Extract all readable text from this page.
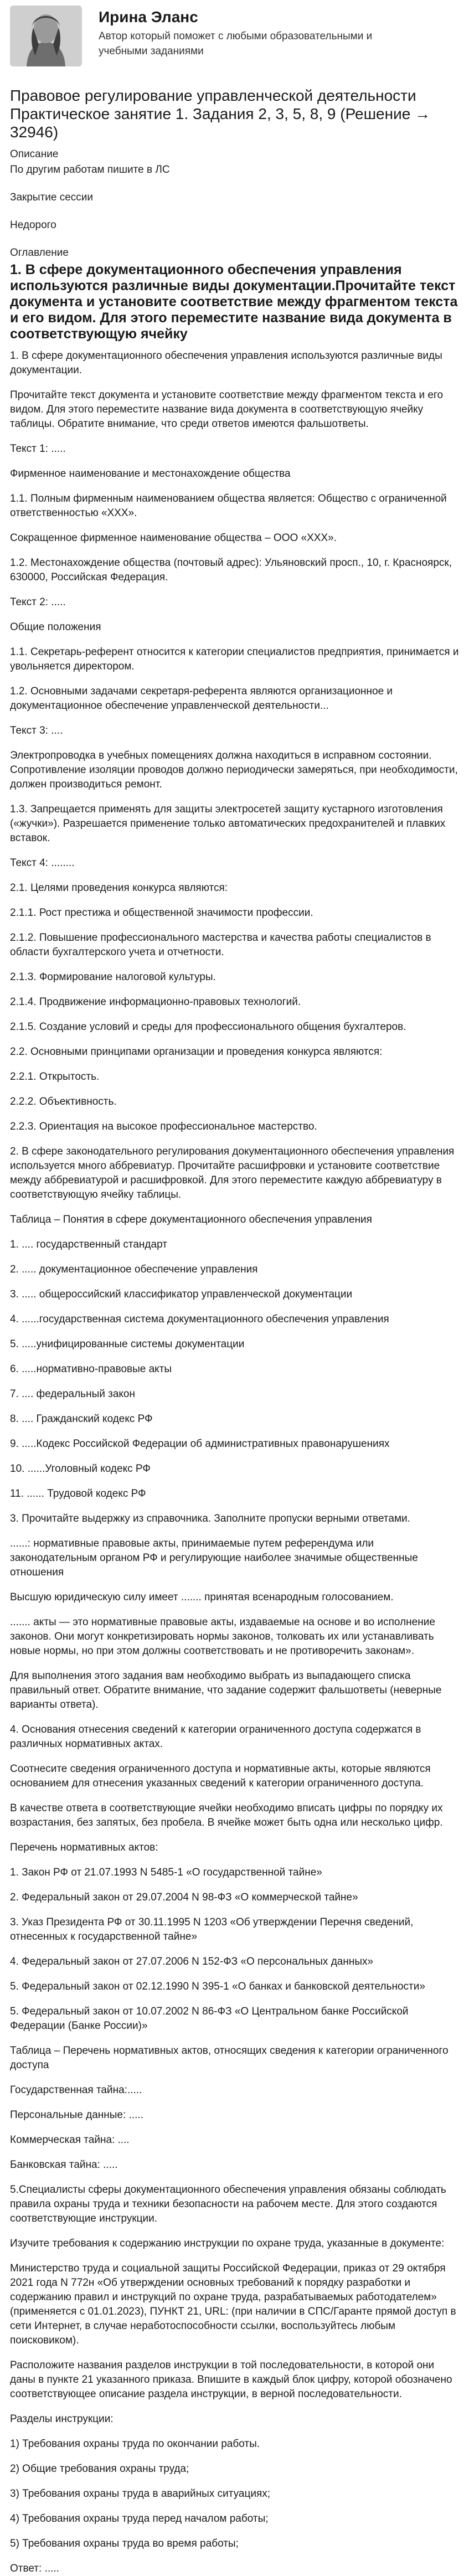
Ирина Эланс
Автор который поможет с любыми образовательными и учебными заданиями
Правовое регулирование управленческой деятельности Практическое занятие 1. Задания 2, 3, 5, 8, 9 (Решение → 32946)
Описание
По другим работам пишите в ЛС
Закрытие сессии
Недорого
Оглавление
1. В сфере документационного обеспечения управления используются различные виды документации.Прочитайте текст документа и установите соответствие между фрагментом текста и его видом. Для этого переместите название вида документа в соответствующую ячейку
1. В сфере документационного обеспечения управления используются различные виды документации.
Прочитайте текст документа и установите соответствие между фрагментом текста и его видом. Для этого переместите название вида документа в соответствующую ячейку таблицы. Обратите внимание, что среди ответов имеются фальшответы.
Текст 1: .....
Фирменное наименование и местонахождение общества
1.1. Полным фирменным наименованием общества является: Общество с ограниченной ответственностью «ХХХ».
Сокращенное фирменное наименование общества – ООО «ХХХ».
1.2. Местонахождение общества (почтовый адрес): Ульяновский просп., 10, г. Красноярск, 630000, Российская Федерация.
Текст 2: .....
Общие положения
1.1. Секретарь-референт относится к категории специалистов предприятия, принимается и увольняется директором.
1.2. Основными задачами секретаря-референта являются организационное и документационное обеспечение управленческой деятельности...
Текст 3: ....
Электропроводка в учебных помещениях должна находиться в исправном состоянии. Сопротивление изоляции проводов должно периодически замеряться, при необходимости, должен производиться ремонт.
1.3. Запрещается применять для защиты электросетей защиту кустарного изготовления («жучки»). Разрешается применение только автоматических предохранителей и плавких вставок.
Текст 4: ........
2.1. Целями проведения конкурса являются:
2.1.1. Рост престижа и общественной значимости профессии.
2.1.2. Повышение профессионального мастерства и качества работы специалистов в области бухгалтерского учета и отчетности.
2.1.3. Формирование налоговой культуры.
2.1.4. Продвижение информационно-правовых технологий.
2.1.5. Создание условий и среды для профессионального общения бухгалтеров.
2.2. Основными принципами организации и проведения конкурса являются:
2.2.1. Открытость.
2.2.2. Объективность.
2.2.3. Ориентация на высокое профессиональное мастерство.
2. В сфере законодательного регулирования документационного обеспечения управления используется много аббревиатур. Прочитайте расшифровки и установите соответствие между аббревиатурой и расшифровкой. Для этого переместите каждую аббревиатуру в соответствующую ячейку таблицы.
Таблица – Понятия в сфере документационного обеспечения управления
1. .... государственный стандарт
2. ..... документационное обеспечение управления
3. ..... общероссийский классификатор управленческой документации
4. ......государственная система документационного обеспечения управления
5. .....унифицированные системы документации
6. .....нормативно-правовые акты
7. .... федеральный закон
8. .... Гражданский кодекс РФ
9. .....Кодекс Российской Федерации об административных правонарушениях
10. ......Уголовный кодекс РФ
11. ...... Трудовой кодекс РФ
3. Прочитайте выдержку из справочника. Заполните пропуски верными ответами.
......: нормативные правовые акты, принимаемые путем референдума или законодательным органом РФ и регулирующие наиболее значимые общественные отношения
Высшую юридическую силу имеет ....... принятая всенародным голосованием.
....... акты — это нормативные правовые акты, издаваемые на основе и во исполнение законов. Они могут конкретизировать нормы законов, толковать их или устанавливать новые нормы, но при этом должны соответствовать и не противоречить законам».
Для выполнения этого задания вам необходимо выбрать из выпадающего списка правильный ответ. Обратите внимание, что задание содержит фальшответы (неверные варианты ответа).
4. Основания отнесения сведений к категории ограниченного доступа содержатся в различных нормативных актах.
Соотнесите сведения ограниченного доступа и нормативные акты, которые являются основанием для отнесения указанных сведений к категории ограниченного доступа.
В качестве ответа в соответствующие ячейки необходимо вписать цифры по порядку их возрастания, без запятых, без пробела. В ячейке может быть одна или несколько цифр.
Перечень нормативных актов:
1. Закон РФ от 21.07.1993 N 5485-1 «О государственной тайне»
2. Федеральный закон от 29.07.2004 N 98-ФЗ «О коммерческой тайне»
3. Указ Президента РФ от 30.11.1995 N 1203 «Об утверждении Перечня сведений, отнесенных к государственной тайне»
4. Федеральный закон от 27.07.2006 N 152-ФЗ «О персональных данных»
5. Федеральный закон от 02.12.1990 N 395-1 «О банках и банковской деятельности»
5. Федеральный закон от 10.07.2002 N 86-ФЗ «О Центральном банке Российской Федерации (Банке России)»
Таблица – Перечень нормативных актов, относящих сведения к категории ограниченного доступа
Государственная тайна:.....
Персональные данные: .....
Коммерческая тайна: ....
Банковская тайна: .....
5.Специалисты сферы документационного обеспечения управления обязаны соблюдать правила охраны труда и техники безопасности на рабочем месте. Для этого создаются соответствующие инструкции.
Изучите требования к содержанию инструкции по охране труда, указанные в документе:
Министерство труда и социальной защиты Российской Федерации, приказ от 29 октября 2021 года N 772н «Об утверждении основных требований к порядку разработки и содержанию правил и инструкций по охране труда, разрабатываемых работодателем» (применяется с 01.01.2023), ПУНКТ 21, URL: (при наличии в СПС/Гаранте прямой доступ в сети Интернет, в случае неработоспособности ссылки, воспользуйтесь любым поисковиком).
Расположите названия разделов инструкции в той последовательности, в которой они даны в пункте 21 указанного приказа. Впишите в каждый блок цифру, которой обозначено соответствующее описание раздела инструкции, в верной последовательности.
Разделы инструкции:
1) Требования охраны труда по окончании работы.
2) Общие требования охраны труда;
3) Требования охраны труда в аварийных ситуациях;
4) Требования охраны труда перед началом работы;
5) Требования охраны труда во время работы;
Ответ: .....
